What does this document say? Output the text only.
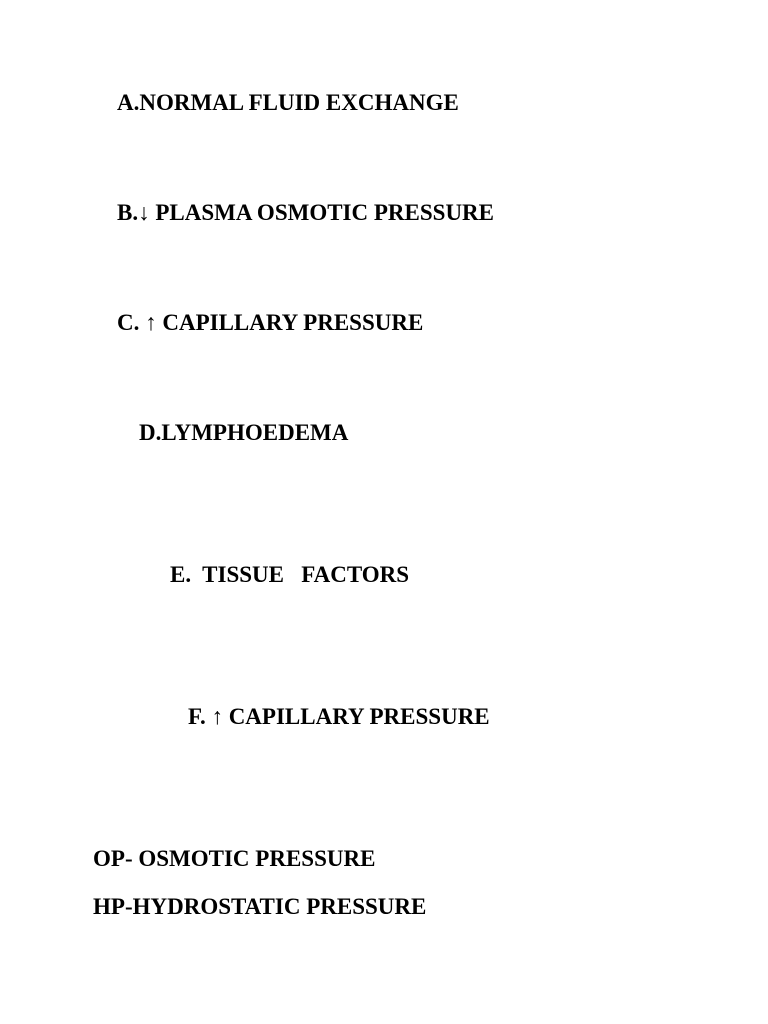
A.NORMAL FLUID EXCHANGE

B.↓ PLASMA OSMOTIC PRESSURE

C. ↑ CAPILLARY PRESSURE

D.LYMPHOEDEMA

E.  TISSUE   FACTORS

F. ↑ CAPILLARY PRESSURE

OP- OSMOTIC PRESSURE

HP-HYDROSTATIC PRESSURE
